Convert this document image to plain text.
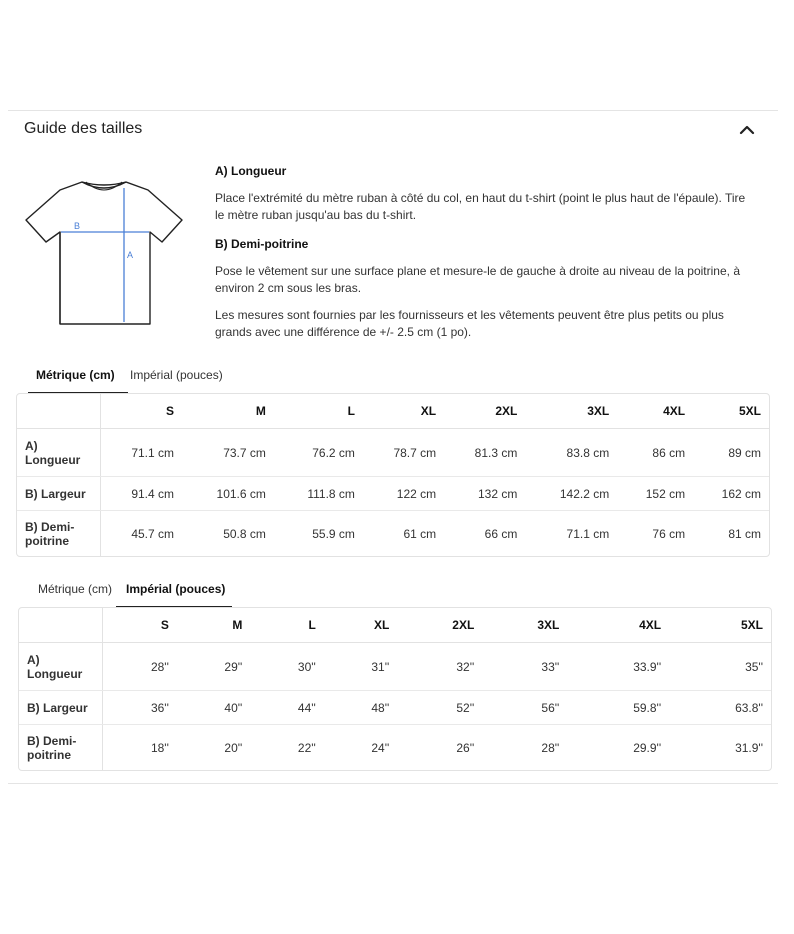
Guide des tailles
B
A
A) Longueur

Place l'extrémité du mètre ruban à côté du col, en haut du t-shirt (point le plus haut de l'épaule). Tire le mètre ruban jusqu'au bas du t-shirt.

B) Demi-poitrine

Pose le vêtement sur une surface plane et mesure-le de gauche à droite au niveau de la poitrine, à environ 2 cm sous les bras.

Les mesures sont fournies par les fournisseurs et les vêtements peuvent être plus petits ou plus grands avec une différence de +/- 2.5 cm (1 po).

Métrique (cm)	Impérial (pouces)
	S	M	L	XL	2XL	3XL	4XL	5XL
A)
Longueur	71.1 cm	73.7 cm	76.2 cm	78.7 cm	81.3 cm	83.8 cm	86 cm	89 cm
B) Largeur	91.4 cm	101.6 cm	111.8 cm	122 cm	132 cm	142.2 cm	152 cm	162 cm
B) Demi-
poitrine	45.7 cm	50.8 cm	55.9 cm	61 cm	66 cm	71.1 cm	76 cm	81 cm
Métrique (cm)	Impérial (pouces)
	S	M	L	XL	2XL	3XL	4XL	5XL
A)
Longueur	28''	29''	30''	31''	32''	33''	33.9''	35''
B) Largeur	36''	40''	44''	48''	52''	56''	59.8''	63.8''
B) Demi-
poitrine	18''	20''	22''	24''	26''	28''	29.9''	31.9''
